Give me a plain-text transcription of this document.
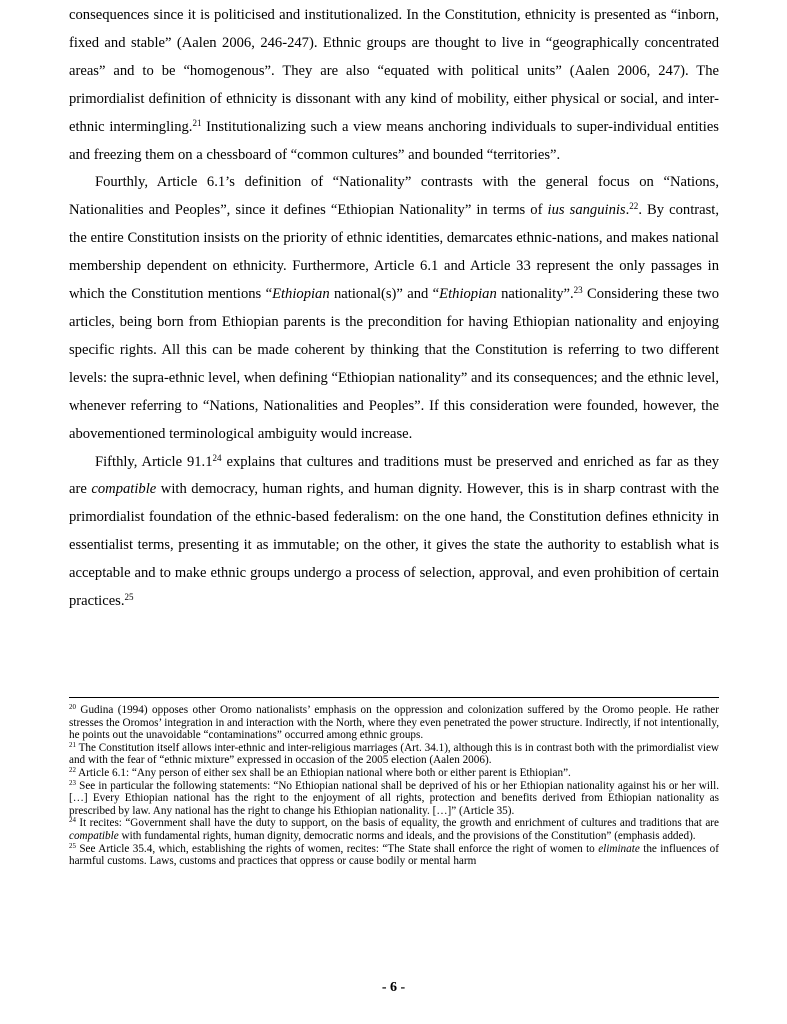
consequences since it is politicised and institutionalized. In the Constitution, ethnicity is presented as “inborn, fixed and stable” (Aalen 2006, 246-247). Ethnic groups are thought to live in “geographically concentrated areas” and to be “homogenous”. They are also “equated with political units” (Aalen 2006, 247). The primordialist definition of ethnicity is dissonant with any kind of mobility, either physical or social, and inter-ethnic intermingling.$^{21}$ Institutionalizing such a view means anchoring individuals to super-individual entities and freezing them on a chessboard of “common cultures” and bounded “territories”.

Fourthly, Article 6.1’s definition of “Nationality” contrasts with the general focus on “Nations, Nationalities and Peoples”, since it defines “Ethiopian Nationality” in terms of ius sanguinis.$^{22}$. By contrast, the entire Constitution insists on the priority of ethnic identities, demarcates ethnic-nations, and makes national membership dependent on ethnicity. Furthermore, Article 6.1 and Article 33 represent the only passages in which the Constitution mentions “Ethiopian national(s)” and “Ethiopian nationality”.$^{23}$ Considering these two articles, being born from Ethiopian parents is the precondition for having Ethiopian nationality and enjoying specific rights. All this can be made coherent by thinking that the Constitution is referring to two different levels: the supra-ethnic level, when defining “Ethiopian nationality” and its consequences; and the ethnic level, whenever referring to “Nations, Nationalities and Peoples”. If this consideration were founded, however, the abovementioned terminological ambiguity would increase.

Fifthly, Article 91.1$^{24}$ explains that cultures and traditions must be preserved and enriched as far as they are compatible with democracy, human rights, and human dignity. However, this is in sharp contrast with the primordialist foundation of the ethnic-based federalism: on the one hand, the Constitution defines ethnicity in essentialist terms, presenting it as immutable; on the other, it gives the state the authority to establish what is acceptable and to make ethnic groups undergo a process of selection, approval, and even prohibition of certain practices.$^{25}$

$^{20}$ Gudina (1994) opposes other Oromo nationalists’ emphasis on the oppression and colonization suffered by the Oromo people. He rather stresses the Oromos’ integration in and interaction with the North, where they even penetrated the power structure. Indirectly, if not intentionally, he points out the unavoidable “contaminations” occurred among ethnic groups.

$^{21}$ The Constitution itself allows inter-ethnic and inter-religious marriages (Art. 34.1), although this is in contrast both with the primordialist view and with the fear of “ethnic mixture” expressed in occasion of the 2005 election (Aalen 2006).

$^{22}$ Article 6.1: “Any person of either sex shall be an Ethiopian national where both or either parent is Ethiopian”.

$^{23}$ See in particular the following statements: “No Ethiopian national shall be deprived of his or her Ethiopian nationality against his or her will. […] Every Ethiopian national has the right to the enjoyment of all rights, protection and benefits derived from Ethiopian nationality as prescribed by law. Any national has the right to change his Ethiopian nationality. […]” (Article 35).

$^{24}$ It recites: “Government shall have the duty to support, on the basis of equality, the growth and enrichment of cultures and traditions that are compatible with fundamental rights, human dignity, democratic norms and ideals, and the provisions of the Constitution” (emphasis added).

$^{25}$ See Article 35.4, which, establishing the rights of women, recites: “The State shall enforce the right of women to eliminate the influences of harmful customs. Laws, customs and practices that oppress or cause bodily or mental harm

- 6 -
